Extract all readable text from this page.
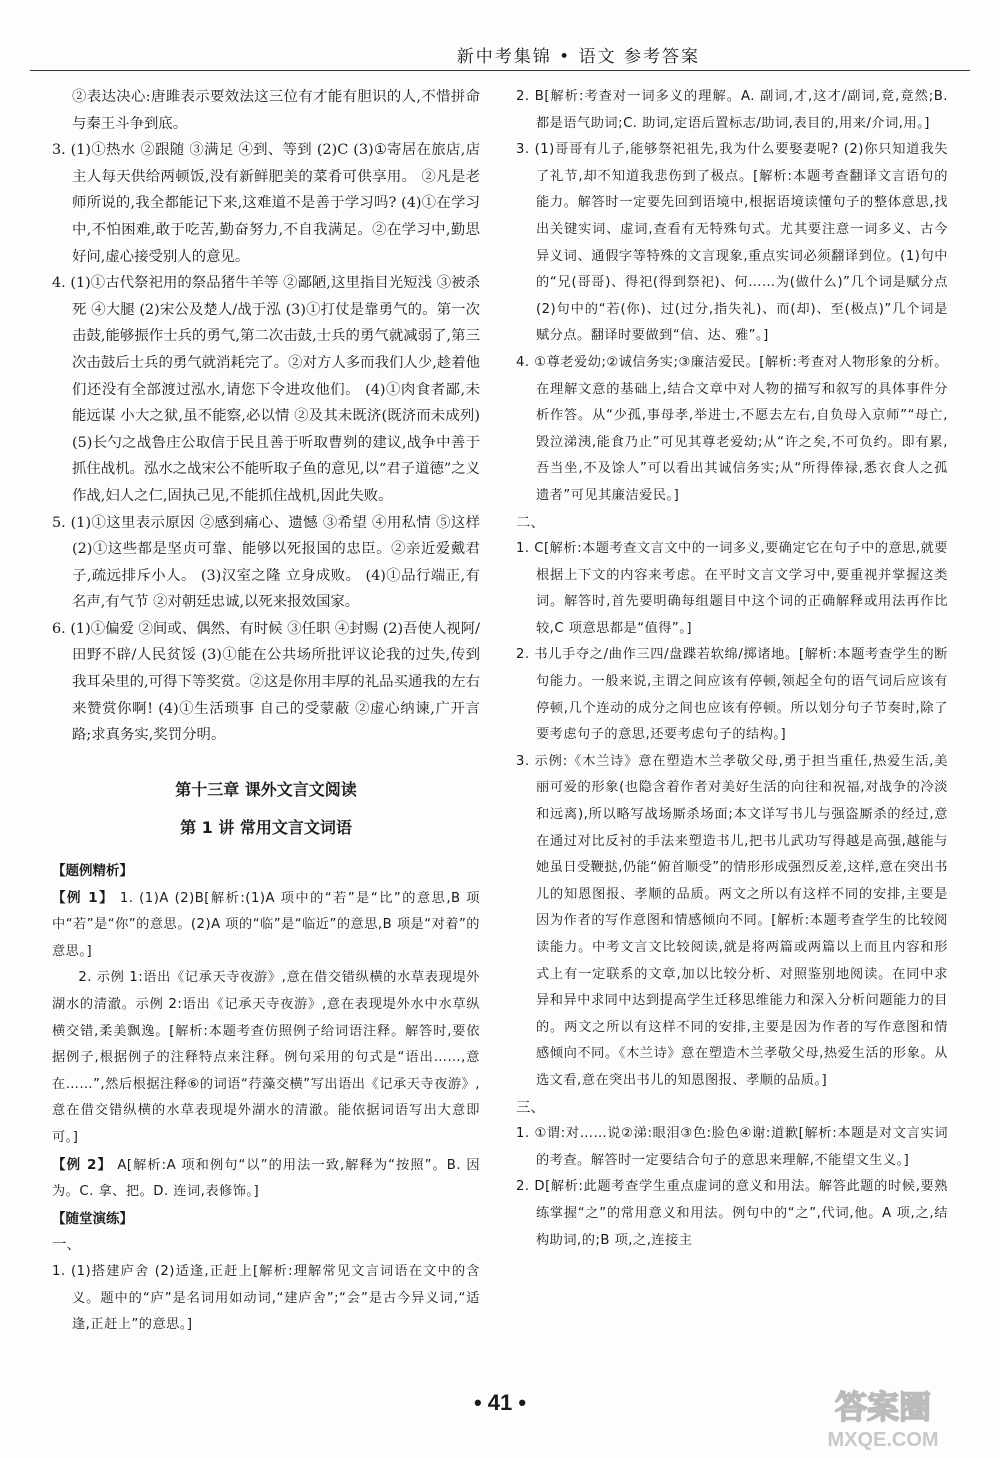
新中考集锦 • 语文 参考答案

②表达决心:唐雎表示要效法这三位有才能有胆识的人,不惜拼命与秦王斗争到底。

3. (1)①热水 ②跟随 ③满足 ④到、等到 (2)C (3)①寄居在旅店,店主人每天供给两顿饭,没有新鲜肥美的菜肴可供享用。 ②凡是老师所说的,我全都能记下来,这难道不是善于学习吗? (4)①在学习中,不怕困难,敢于吃苦,勤奋努力,不自我满足。②在学习中,勤思好问,虚心接受别人的意见。

4. (1)①古代祭祀用的祭品猪牛羊等 ②鄙陋,这里指目光短浅 ③被杀死 ④大腿 (2)宋公及楚人/战于泓 (3)①打仗是靠勇气的。第一次击鼓,能够振作士兵的勇气,第二次击鼓,士兵的勇气就减弱了,第三次击鼓后士兵的勇气就消耗完了。②对方人多而我们人少,趁着他们还没有全部渡过泓水,请您下令进攻他们。 (4)①肉食者鄙,未能远谋 小大之狱,虽不能察,必以情 ②及其未既济(既济而未成列) (5)长勺之战鲁庄公取信于民且善于听取曹刿的建议,战争中善于抓住战机。泓水之战宋公不能听取子鱼的意见,以“君子道德”之义作战,妇人之仁,固执己见,不能抓住战机,因此失败。

5. (1)①这里表示原因 ②感到痛心、遗憾 ③希望 ④用私情 ⑤这样 (2)①这些都是坚贞可靠、能够以死报国的忠臣。②亲近爱戴君子,疏远排斥小人。 (3)汉室之隆 立身成败。 (4)①品行端正,有名声,有气节 ②对朝廷忠诚,以死来报效国家。

6. (1)①偏爱 ②间或、偶然、有时候 ③任职 ④封赐 (2)吾使人视阿/田野不辟/人民贫馁 (3)①能在公共场所批评议论我的过失,传到我耳朵里的,可得下等奖赏。②这是你用丰厚的礼品买通我的左右来赞赏你啊! (4)①生活琐事 自己的受蒙蔽 ②虚心纳谏,广开言路;求真务实,奖罚分明。

第十三章 课外文言文阅读
第 1 讲 常用文言文词语
【题例精析】

【例 1】 1. (1)A (2)B[解析:(1)A 项中的“若”是“比”的意思,B 项中“若”是“你”的意思。(2)A 项的“临”是“临近”的意思,B 项是“对着”的意思。]

2. 示例 1:语出《记承天寺夜游》,意在借交错纵横的水草表现堤外湖水的清澈。示例 2:语出《记承天寺夜游》,意在表现堤外水中水草纵横交错,柔美飘逸。[解析:本题考查仿照例子给词语注释。解答时,要依据例子,根据例子的注释特点来注释。例句采用的句式是“语出……,意在……”,然后根据注释⑥的词语“荇藻交横”写出语出《记承天寺夜游》,意在借交错纵横的水草表现堤外湖水的清澈。能依据词语写出大意即可。]

【例 2】 A[解析:A 项和例句“以”的用法一致,解释为“按照”。B. 因为。C. 拿、把。D. 连词,表修饰。]

【随堂演练】
一、

1. (1)搭建庐舍 (2)适逢,正赶上[解析:理解常见文言词语在文中的含义。题中的“庐”是名词用如动词,“建庐舍”;“会”是古今异义词,“适逢,正赶上”的意思。]

2. B[解析:考查对一词多义的理解。A. 副词,才,这才/副词,竟,竟然;B. 都是语气助词;C. 助词,定语后置标志/助词,表目的,用来/介词,用。]

3. (1)哥哥有儿子,能够祭祀祖先,我为什么要娶妻呢? (2)你只知道我失了礼节,却不知道我悲伤到了极点。[解析:本题考查翻译文言语句的能力。解答时一定要先回到语境中,根据语境读懂句子的整体意思,找出关键实词、虚词,查看有无特殊句式。尤其要注意一词多义、古今异义词、通假字等特殊的文言现象,重点实词必须翻译到位。(1)句中的“兄(哥哥)、得祀(得到祭祀)、何……为(做什么)”几个词是赋分点 (2)句中的“若(你)、过(过分,指失礼)、而(却)、至(极点)”几个词是赋分点。翻译时要做到“信、达、雅”。]

4. ①尊老爱幼;②诚信务实;③廉洁爱民。[解析:考查对人物形象的分析。在理解文意的基础上,结合文章中对人物的描写和叙写的具体事件分析作答。从“少孤,事母孝,举进士,不愿去左右,自负母入京师”“母亡,毁泣涕洟,能食乃止”可见其尊老爱幼;从“许之矣,不可负约。即有累,吾当坐,不及馀人”可以看出其诚信务实;从“所得俸禄,悉衣食人之孤遗者”可见其廉洁爱民。]

二、

1. C[解析:本题考查文言文中的一词多义,要确定它在句子中的意思,就要根据上下文的内容来考虑。在平时文言文学习中,要重视并掌握这类词。解答时,首先要明确每组题目中这个词的正确解释或用法再作比较,C 项意思都是“值得”。]

2. 书儿手夺之/曲作三四/盘蹀若软绵/掷诸地。[解析:本题考查学生的断句能力。一般来说,主谓之间应该有停顿,领起全句的语气词后应该有停顿,几个连动的成分之间也应该有停顿。所以划分句子节奏时,除了要考虑句子的意思,还要考虑句子的结构。]

3. 示例:《木兰诗》意在塑造木兰孝敬父母,勇于担当重任,热爱生活,美丽可爱的形象(也隐含着作者对美好生活的向往和祝福,对战争的冷淡和远离),所以略写战场厮杀场面;本文详写书儿与强盗厮杀的经过,意在通过对比反衬的手法来塑造书儿,把书儿武功写得越是高强,越能与她虽日受鞭挞,仍能“俯首顺受”的情形形成强烈反差,这样,意在突出书儿的知恩图报、孝顺的品质。两文之所以有这样不同的安排,主要是因为作者的写作意图和情感倾向不同。[解析:本题考查学生的比较阅读能力。中考文言文比较阅读,就是将两篇或两篇以上而且内容和形式上有一定联系的文章,加以比较分析、对照鉴别地阅读。在同中求异和异中求同中达到提高学生迁移思维能力和深入分析问题能力的目的。两文之所以有这样不同的安排,主要是因为作者的写作意图和情感倾向不同。《木兰诗》意在塑造木兰孝敬父母,热爱生活的形象。从选文看,意在突出书儿的知恩图报、孝顺的品质。]

三、

1. ①谓:对……说②涕:眼泪③色:脸色④谢:道歉[解析:本题是对文言实词的考查。解答时一定要结合句子的意思来理解,不能望文生义。]

2. D[解析:此题考查学生重点虚词的意义和用法。解答此题的时候,要熟练掌握“之”的常用意义和用法。例句中的“之”,代词,他。A 项,之,结构助词,的;B 项,之,连接主

• 41 •	答案圈
MXQE.COM
